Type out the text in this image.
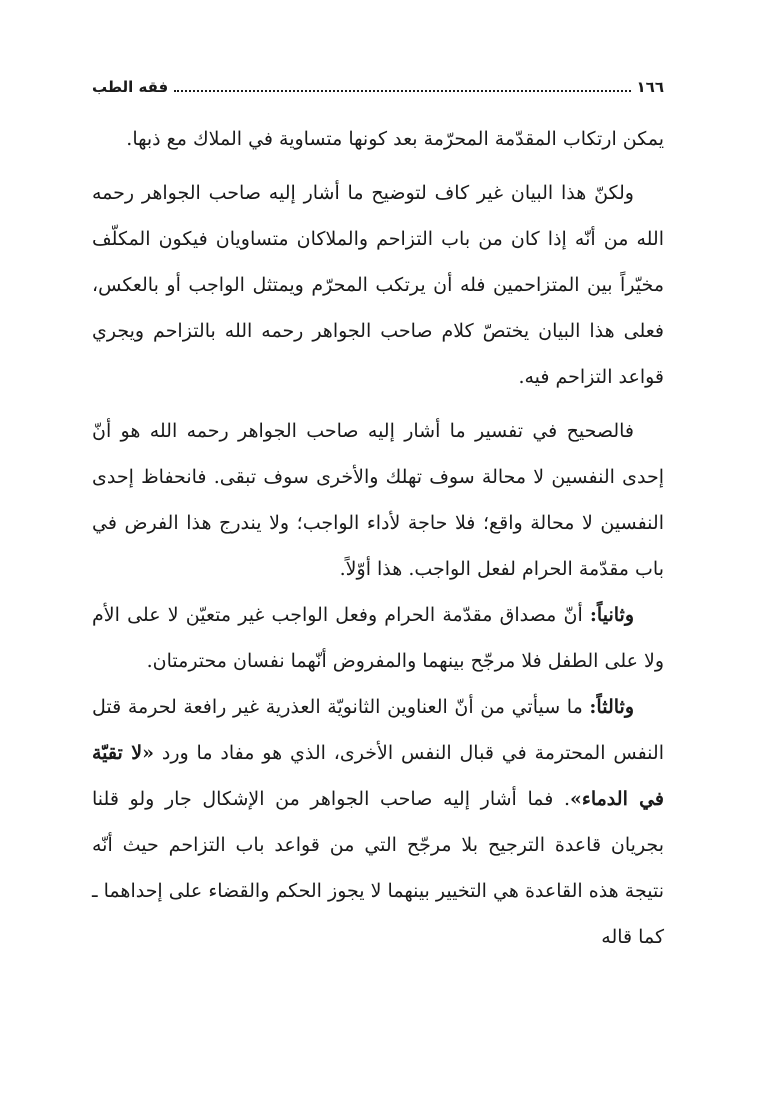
١٦٦
فقه الطب

يمكن ارتكاب المقدّمة المحرّمة بعد كونها متساوية في الملاك مع ذبها.

ولكنّ هذا البيان غير كاف لتوضيح ما أشار إليه صاحب الجواهر رحمه الله من أنّه إذا كان من باب التزاحم والملاكان متساويان فيكون المكلّف مخيّراً بين المتزاحمين فله أن يرتكب المحرّم ويمتثل الواجب أو بالعكس، فعلى هذا البيان يختصّ كلام صاحب الجواهر رحمه الله بالتزاحم ويجري قواعد التزاحم فيه.

فالصحيح في تفسير ما أشار إليه صاحب الجواهر رحمه الله هو أنّ إحدى النفسين لا محالة سوف تهلك والأخرى سوف تبقى. فانحفاظ إحدى النفسين لا محالة واقع؛ فلا حاجة لأداء الواجب؛ ولا يندرج هذا الفرض في باب مقدّمة الحرام لفعل الواجب. هذا أوّلاً.

وثانياً: أنّ مصداق مقدّمة الحرام وفعل الواجب غير متعيّن لا على الأم ولا على الطفل فلا مرجّح بينهما والمفروض أنّهما نفسان محترمتان.

وثالثاً: ما سيأتي من أنّ العناوين الثانويّة العذرية غير رافعة لحرمة قتل النفس المحترمة في قبال النفس الأخرى، الذي هو مفاد ما ورد «لا تقيّة في الدماء». فما أشار إليه صاحب الجواهر من الإشكال جار ولو قلنا بجريان قاعدة الترجيح بلا مرجّح التي من قواعد باب التزاحم حيث أنّه نتيجة هذه القاعدة هي التخيير بينهما لا يجوز الحكم والقضاء على إحداهما ـ كما قاله
